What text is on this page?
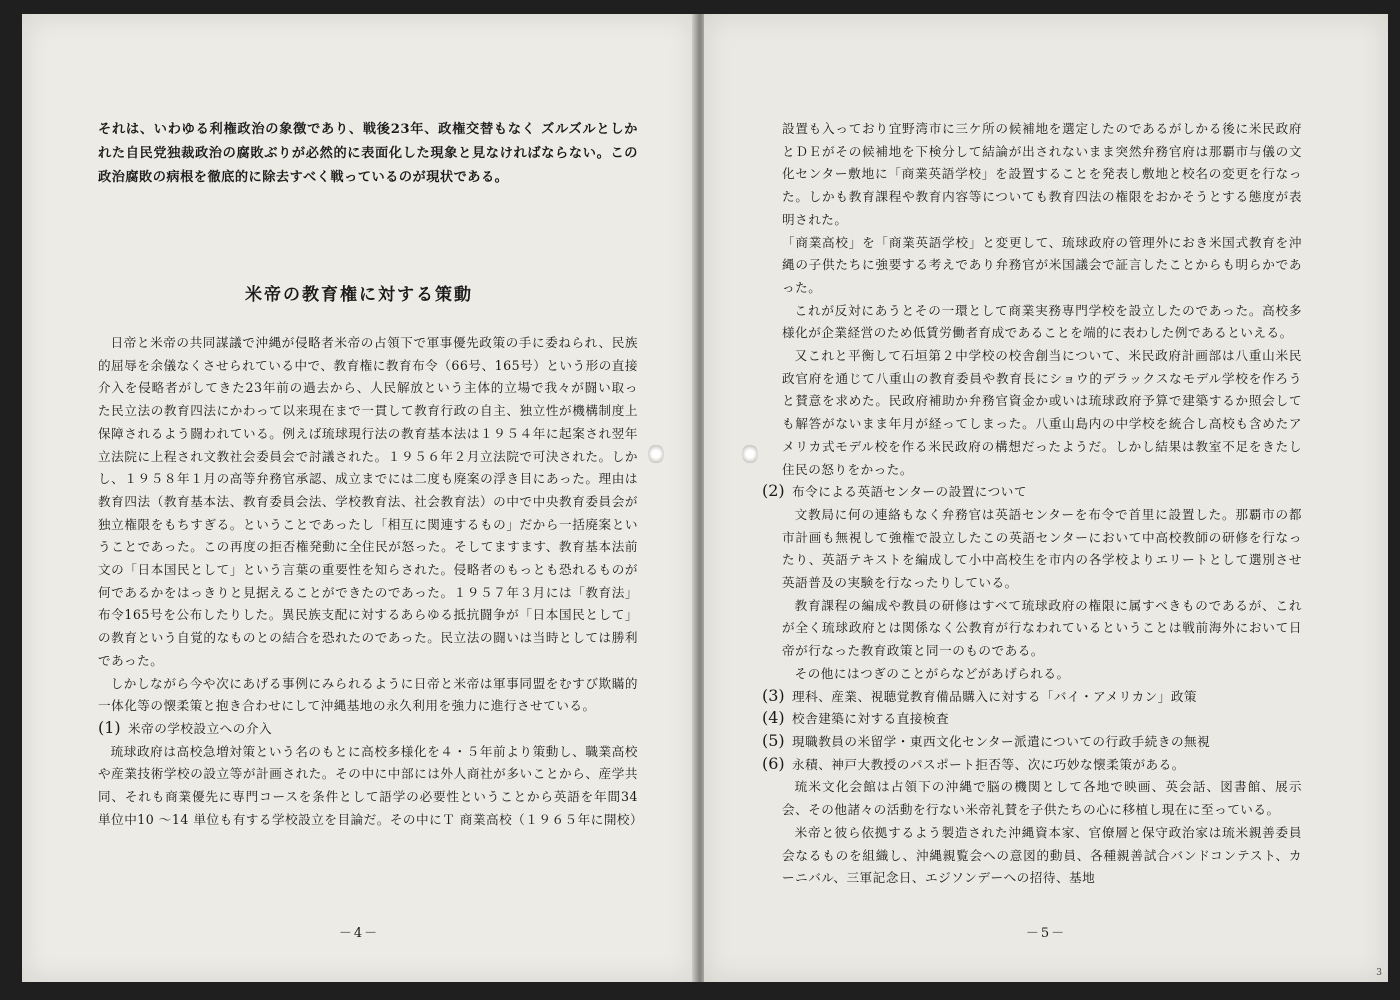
それは、いわゆる利権政治の象徴であり、戦後23年、政権交替もなく ズルズルとしかれた自民党独裁政治の腐敗ぶりが必然的に表面化した現象と見なければならない。この政治腐敗の病根を徹底的に除去すべく戦っているのが現状である。

米帝の教育権に対する策動

日帝と米帝の共同謀議で沖縄が侵略者米帝の占領下で軍事優先政策の手に委ねられ、民族的屈辱を余儀なくさせられている中で、教育権に教育布令（66号、165号）という形の直接介入を侵略者がしてきた23年前の過去から、人民解放という主体的立場で我々が闘い取った民立法の教育四法にかわって以来現在まで一貫して教育行政の自主、独立性が機構制度上保障されるよう闘われている。例えば琉球現行法の教育基本法は１９５４年に起案され翌年立法院に上程され文教社会委員会で討議された。１９５６年２月立法院で可決された。しかし、１９５８年１月の高等弁務官承認、成立までには二度も廃案の浮き目にあった。理由は教育四法（教育基本法、教育委員会法、学校教育法、社会教育法）の中で中央教育委員会が独立権限をもちすぎる。ということであったし「相互に関連するもの」だから一括廃案ということであった。この再度の拒否権発動に全住民が怒った。そしてますます、教育基本法前文の「日本国民として」という言葉の重要性を知らされた。侵略者のもっとも恐れるものが何であるかをはっきりと見据えることができたのであった。１９５７年３月には「教育法」布令165号を公布したりした。異民族支配に対するあらゆる抵抗闘争が「日本国民として」の教育という自覚的なものとの結合を恐れたのであった。民立法の闘いは当時としては勝利であった。

しかしながら今や次にあげる事例にみられるように日帝と米帝は軍事同盟をむすび欺瞞的一体化等の懐柔策と抱き合わせにして沖縄基地の永久利用を強力に進行させている。

(1) 米帝の学校設立への介入

琉球政府は高校急増対策という名のもとに高校多様化を４・５年前より策動し、職業高校や産業技術学校の設立等が計画された。その中に中部には外人商社が多いことから、産学共同、それも商業優先に専門コースを条件として語学の必要性ということから英語を年間34 単位中10 ～14 単位も有する学校設立を目論だ。その中にＴ 商業高校（１９６５年に開校）

－4－

設置も入っており宜野湾市に三ケ所の候補地を選定したのであるがしかる後に米民政府とＤＥがその候補地を下検分して結論が出されないまま突然弁務官府は那覇市与儀の文化センター敷地に「商業英語学校」を設置することを発表し敷地と校名の変更を行なった。しかも教育課程や教育内容等についても教育四法の権限をおかそうとする態度が表明された。

「商業高校」を「商業英語学校」と変更して、琉球政府の管理外におき米国式教育を沖縄の子供たちに強要する考えであり弁務官が米国議会で証言したことからも明らかであった。

これが反対にあうとその一環として商業実務専門学校を設立したのであった。高校多様化が企業経営のため低賃労働者育成であることを端的に表わした例であるといえる。

又これと平衡して石垣第２中学校の校舎創当について、米民政府計画部は八重山米民政官府を通じて八重山の教育委員や教育長にショウ的デラックスなモデル学校を作ろうと賛意を求めた。民政府補助か弁務官資金か或いは琉球政府予算で建築するか照会しても解答がないまま年月が経ってしまった。八重山島内の中学校を統合し高校も含めたアメリカ式モデル校を作る米民政府の構想だったようだ。しかし結果は教室不足をきたし住民の怒りをかった。

(2) 布令による英語センターの設置について

文教局に何の連絡もなく弁務官は英語センターを布令で首里に設置した。那覇市の都市計画も無視して強権で設立したこの英語センターにおいて中高校教師の研修を行なったり、英語テキストを編成して小中高校生を市内の各学校よりエリートとして選別させ英語普及の実験を行なったりしている。

教育課程の編成や教員の研修はすべて琉球政府の権限に属すべきものであるが、これが全く琉球政府とは関係なく公教育が行なわれているということは戦前海外において日帝が行なった教育政策と同一のものである。

その他にはつぎのことがらなどがあげられる。

(3) 理科、産業、視聴覚教育備品購入に対する「バイ・アメリカン」政策
(4) 校舎建築に対する直接検査
(5) 現職教員の米留学・東西文化センター派遣についての行政手続きの無視
(6) 永積、神戸大教授のパスポート拒否等、次に巧妙な懐柔策がある。

琉米文化会館は占領下の沖縄で脳の機関として各地で映画、英会話、図書館、展示会、その他諸々の活動を行ない米帝礼賛を子供たちの心に移植し現在に至っている。

米帝と彼ら依拠するよう製造された沖縄資本家、官僚層と保守政治家は琉米親善委員会なるものを組織し、沖縄親覧会への意図的動員、各種親善試合バンドコンテスト、カーニバル、三軍記念日、エジソンデーへの招待、基地

－5－
3
